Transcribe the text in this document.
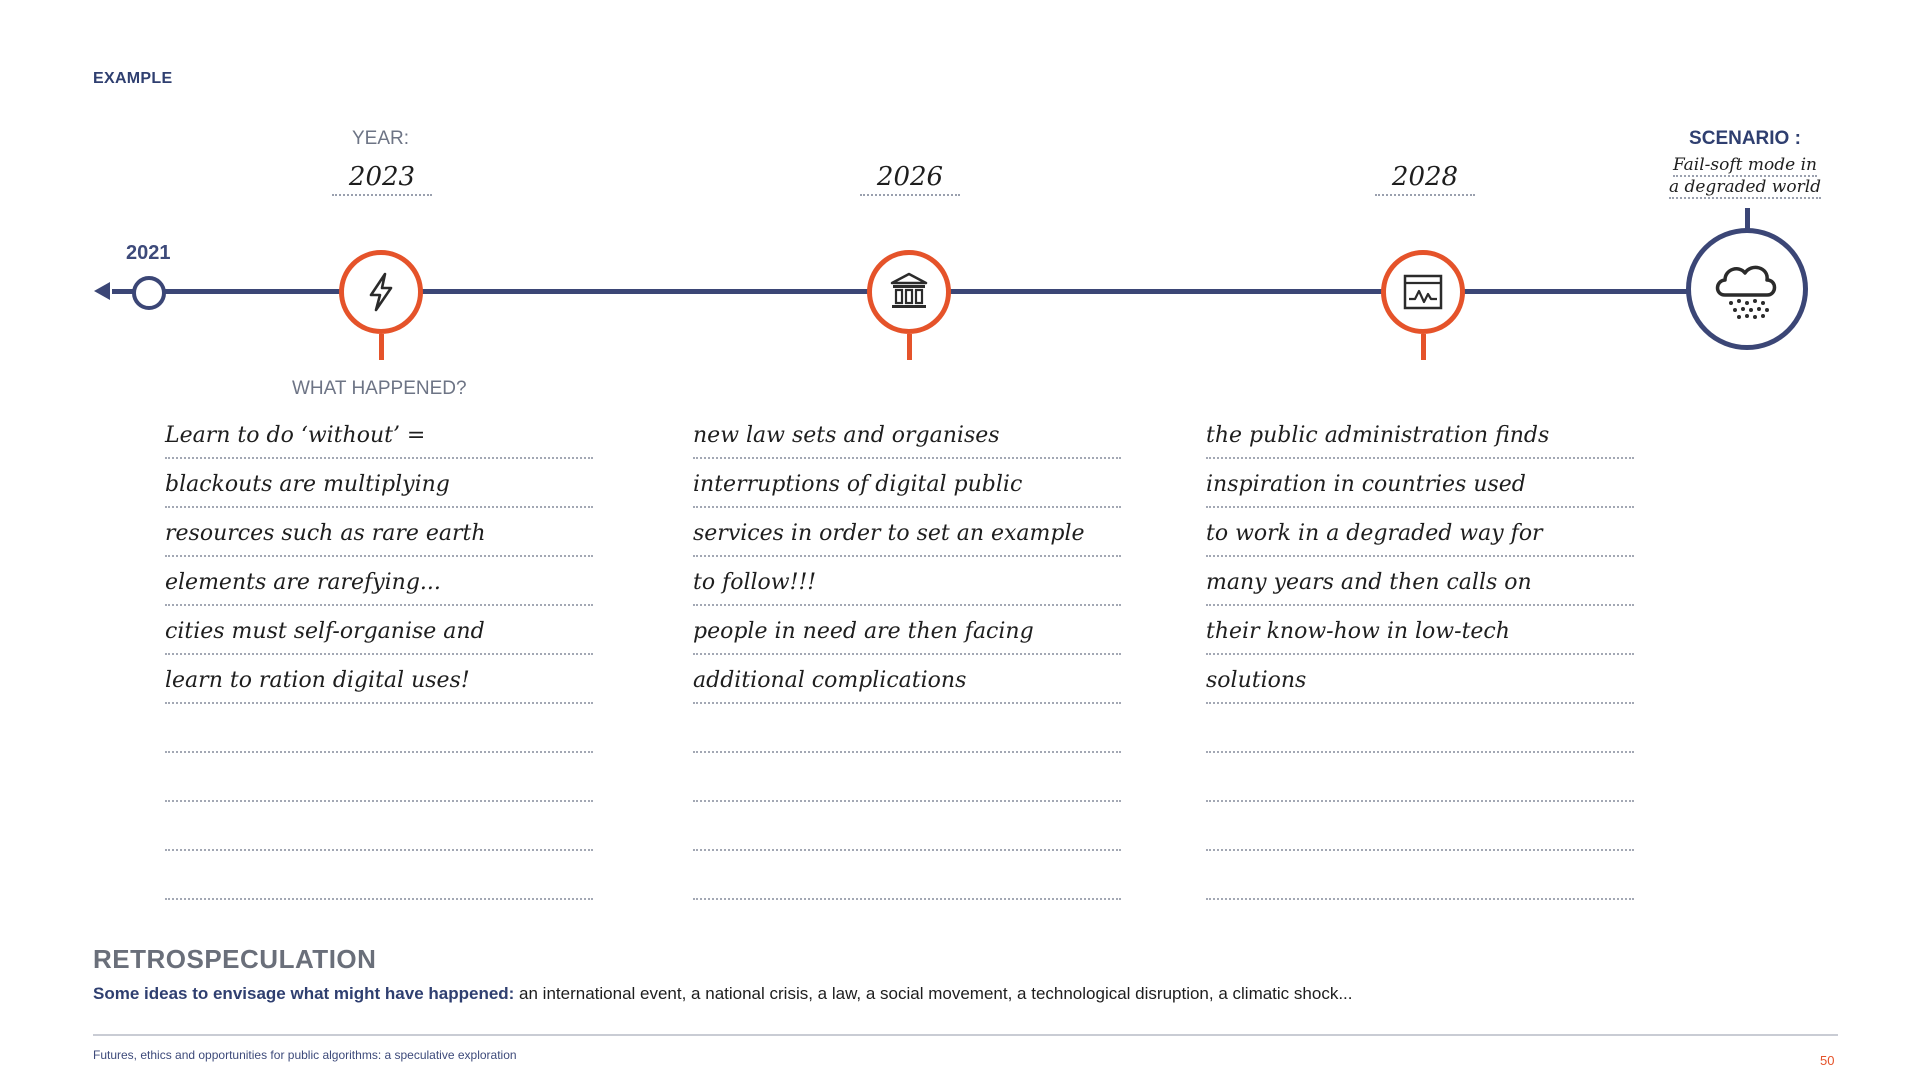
EXAMPLE
YEAR:
2023	2026	2028
SCENARIO :
Fail-soft mode in
a degraded world
2021
WHAT HAPPENED?
Learn to do ‘without’ =
blackouts are multiplying
resources such as rare earth
elements are rarefying...
cities must self-organise and
learn to ration digital uses!
new law sets and organises
interruptions of digital public
services in order to set an example
to follow!!!
people in need are then facing
additional complications
the public administration finds
inspiration in countries used
to work in a degraded way for
many years and then calls on
their know-how in low-tech
solutions
RETROSPECULATION
Some ideas to envisage what might have happened: an international event, a national crisis, a law, a social movement, a technological disruption, a climatic shock...
Futures, ethics and opportunities for public algorithms: a speculative exploration	50
